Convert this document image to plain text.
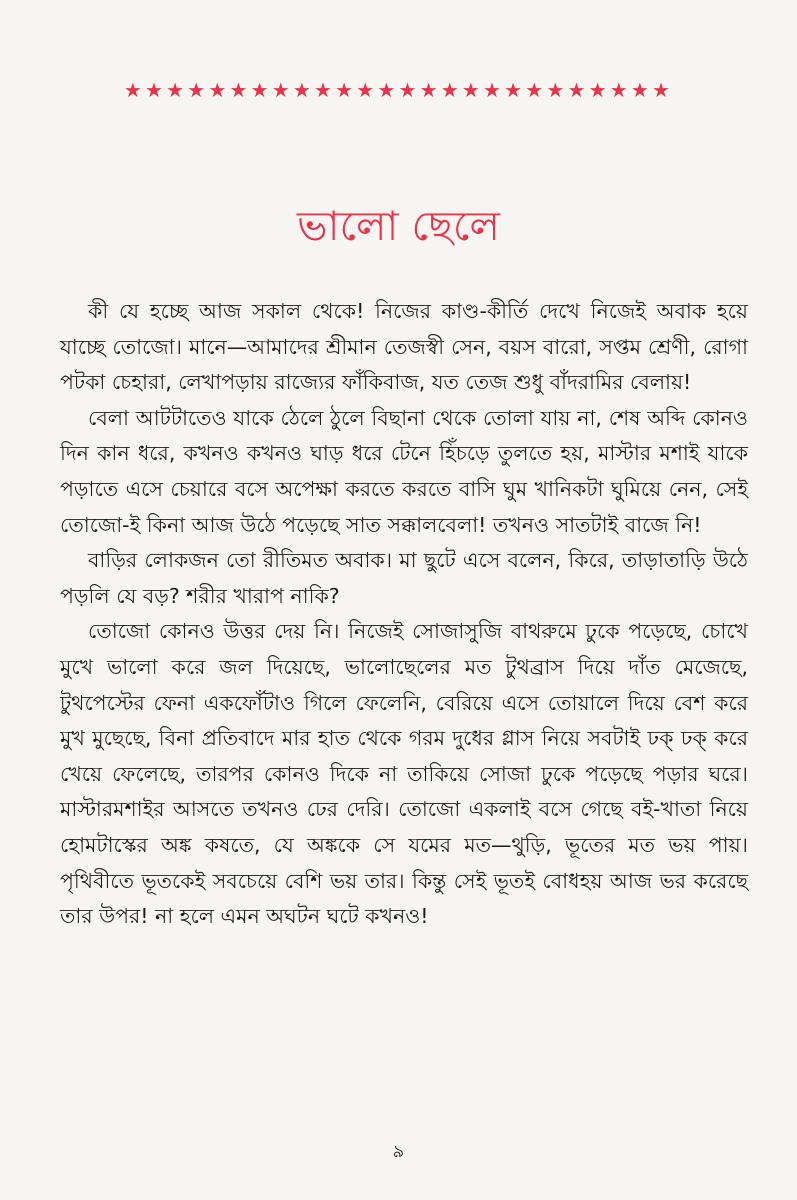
★★★★★★★★★★★★★★★★★★★★★★★★★★
ভালো ছেলে

কী যে হচ্ছে আজ সকাল থেকে! নিজের কাণ্ড-কীর্তি দেখে নিজেই অবাক হয়ে যাচ্ছে তোজো। মানে—আমাদের শ্রীমান তেজস্বী সেন, বয়স বারো, সপ্তম শ্রেণী, রোগা পটকা চেহারা, লেখাপড়ায় রাজ্যের ফাঁকিবাজ, যত তেজ শুধু বাঁদরামির বেলায়!

বেলা আটটাতেও যাকে ঠেলে ঠুলে বিছানা থেকে তোলা যায় না, শেষ অব্দি কোনও দিন কান ধরে, কখনও কখনও ঘাড় ধরে টেনে হিঁচড়ে তুলতে হয়, মাস্টার মশাই যাকে পড়াতে এসে চেয়ারে বসে অপেক্ষা করতে করতে বাসি ঘুম খানিকটা ঘুমিয়ে নেন, সেই তোজো-ই কিনা আজ উঠে পড়েছে সাত সক্কালবেলা! তখনও সাতটাই বাজে নি!

বাড়ির লোকজন তো রীতিমত অবাক। মা ছুটে এসে বলেন, কিরে, তাড়াতাড়ি উঠে পড়লি যে বড়? শরীর খারাপ নাকি?

তোজো কোনও উত্তর দেয় নি। নিজেই সোজাসুজি বাথরুমে ঢুকে পড়েছে, চোখে মুখে ভালো করে জল দিয়েছে, ভালোছেলের মত টুথব্রাস দিয়ে দাঁত মেজেছে, টুথপেস্টের ফেনা একফোঁটাও গিলে ফেলেনি, বেরিয়ে এসে তোয়ালে দিয়ে বেশ করে মুখ মুছেছে, বিনা প্রতিবাদে মার হাত থেকে গরম দুধের গ্লাস নিয়ে সবটাই ঢক্ ঢক্ করে খেয়ে ফেলেছে, তারপর কোনও দিকে না তাকিয়ে সোজা ঢুকে পড়েছে পড়ার ঘরে। মাস্টারমশাইর আসতে তখনও ঢের দেরি। তোজো একলাই বসে গেছে বই-খাতা নিয়ে হোমটাস্কের অঙ্ক কষতে, যে অঙ্ককে সে যমের মত—থুড়ি, ভূতের মত ভয় পায়। পৃথিবীতে ভূতকেই সবচেয়ে বেশি ভয় তার। কিন্তু সেই ভূতই বোধহয় আজ ভর করেছে তার উপর! না হলে এমন অঘটন ঘটে কখনও!

৯
